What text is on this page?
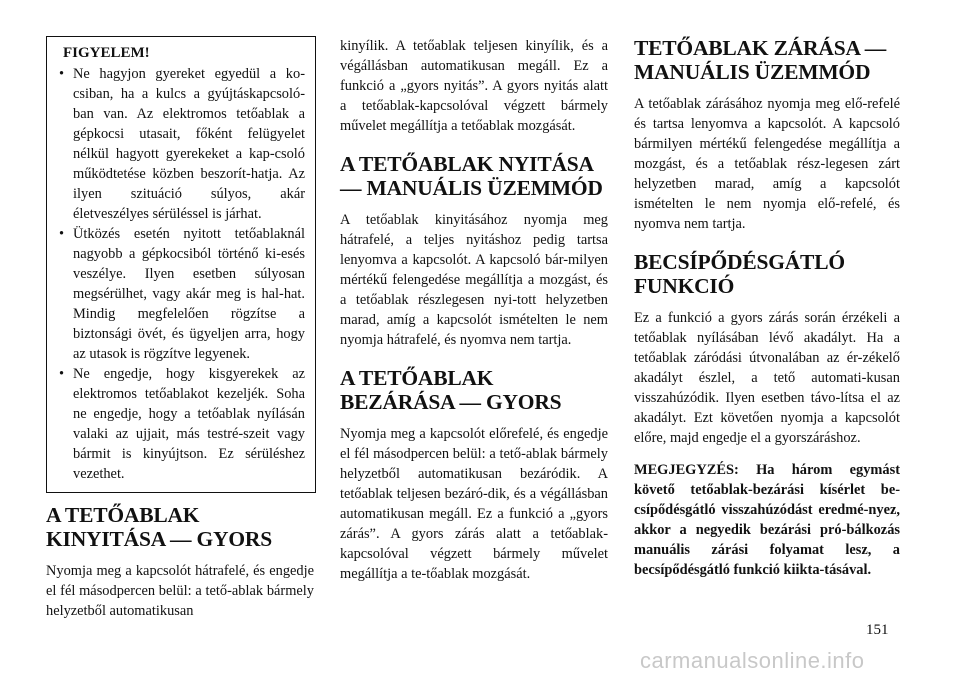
FIGYELEM!
• Ne hagyjon gyereket egyedül a ko-csiban, ha a kulcs a gyújtáskapcsoló-ban van. Az elektromos tetőablak a gépkocsi utasait, főként felügyelet nélkül hagyott gyerekeket a kap-csoló működtetése közben beszorít-hatja. Az ilyen szituáció súlyos, akár életveszélyes sérüléssel is járhat.
• Ütközés esetén nyitott tetőablaknál nagyobb a gépkocsiból történő ki-esés veszélye. Ilyen esetben súlyosan megsérülhet, vagy akár meg is hal-hat. Mindig megfelelően rögzítse a biztonsági övét, és ügyeljen arra, hogy az utasok is rögzítve legyenek.
• Ne engedje, hogy kisgyerekek az elektromos tetőablakot kezeljék. Soha ne engedje, hogy a tetőablak nyílásán valaki az ujjait, más testré-szeit vagy bármit is kinyújtson. Ez sérüléshez vezethet.
A TETŐABLAK KINYITÁSA — GYORS

Nyomja meg a kapcsolót hátrafelé, és engedje el fél másodpercen belül: a tető-ablak bármely helyzetből automatikusan

kinyílik. A tetőablak teljesen kinyílik, és a végállásban automatikusan megáll. Ez a funkció a „gyors nyitás”. A gyors nyitás alatt a tetőablak-kapcsolóval végzett bármely művelet megállítja a tetőablak mozgását.

A TETŐABLAK NYITÁSA — MANUÁLIS ÜZEMMÓD

A tetőablak kinyitásához nyomja meg hátrafelé, a teljes nyitáshoz pedig tartsa lenyomva a kapcsolót. A kapcsoló bár-milyen mértékű felengedése megállítja a mozgást, és a tetőablak részlegesen nyi-tott helyzetben marad, amíg a kapcsolót ismételten le nem nyomja hátrafelé, és nyomva nem tartja.

A TETŐABLAK BEZÁRÁSA — GYORS

Nyomja meg a kapcsolót előrefelé, és engedje el fél másodpercen belül: a tető-ablak bármely helyzetből automatikusan bezáródik. A tetőablak teljesen bezáró-dik, és a végállásban automatikusan megáll. Ez a funkció a „gyors zárás”. A gyors zárás alatt a tetőablak-kapcsolóval végzett bármely művelet megállítja a te-tőablak mozgását.

TETŐABLAK ZÁRÁSA — MANUÁLIS ÜZEMMÓD

A tetőablak zárásához nyomja meg elő-refelé és tartsa lenyomva a kapcsolót. A kapcsoló bármilyen mértékű felengedése megállítja a mozgást, és a tetőablak rész-legesen zárt helyzetben marad, amíg a kapcsolót ismételten le nem nyomja elő-refelé, és nyomva nem tartja.

BECSÍPŐDÉSGÁTLÓ FUNKCIÓ

Ez a funkció a gyors zárás során érzékeli a tetőablak nyílásában lévő akadályt. Ha a tetőablak záródási útvonalában az ér-zékelő akadályt észlel, a tető automati-kusan visszahúzódik. Ilyen esetben távo-lítsa el az akadályt. Ezt követően nyomja a kapcsolót előre, majd engedje el a gyorszáráshoz.

MEGJEGYZÉS: Ha három egymást követő tetőablak-bezárási kísérlet be-csípődésgátló visszahúzódást eredmé-nyez, akkor a negyedik bezárási pró-bálkozás manuális zárási folyamat lesz, a becsípődésgátló funkció kiikta-tásával.

151
carmanualsonline.info
